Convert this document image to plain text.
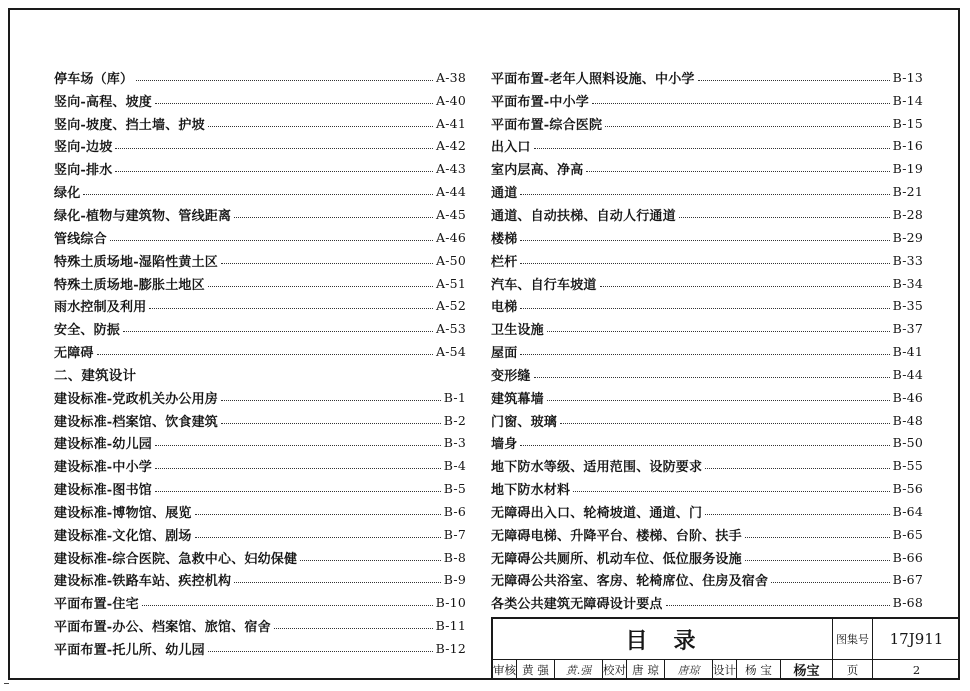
停车场（库）	A-38
竖向-高程、坡度	A-40
竖向-坡度、挡土墙、护坡	A-41
竖向-边坡	A-42
竖向-排水	A-43
绿化	A-44
绿化-植物与建筑物、管线距离	A-45
管线综合	A-46
特殊土质场地-湿陷性黄土区	A-50
特殊土质场地-膨胀土地区	A-51
雨水控制及利用	A-52
安全、防振	A-53
无障碍	A-54
二、建筑设计
建设标准-党政机关办公用房	B-1
建设标准-档案馆、饮食建筑	B-2
建设标准-幼儿园	B-3
建设标准-中小学	B-4
建设标准-图书馆	B-5
建设标准-博物馆、展览	B-6
建设标准-文化馆、剧场	B-7
建设标准-综合医院、急救中心、妇幼保健	B-8
建设标准-铁路车站、疾控机构	B-9
平面布置-住宅	B-10
平面布置-办公、档案馆、旅馆、宿舍	B-11
平面布置-托儿所、幼儿园	B-12
平面布置-老年人照料设施、中小学	B-13
平面布置-中小学	B-14
平面布置-综合医院	B-15
出入口	B-16
室内层高、净高	B-19
通道	B-21
通道、自动扶梯、自动人行通道	B-28
楼梯	B-29
栏杆	B-33
汽车、自行车坡道	B-34
电梯	B-35
卫生设施	B-37
屋面	B-41
变形缝	B-44
建筑幕墙	B-46
门窗、玻璃	B-48
墙身	B-50
地下防水等级、适用范围、设防要求	B-55
地下防水材料	B-56
无障碍出入口、轮椅坡道、通道、门	B-64
无障碍电梯、升降平台、楼梯、台阶、扶手	B-65
无障碍公共厕所、机动车位、低位服务设施	B-66
无障碍公共浴室、客房、轮椅席位、住房及宿舍	B-67
各类公共建筑无障碍设计要点	B-68
目录	图集号	17J911
审核 黄 强	黄.强	校对 唐 琼	唐琼	设计 杨 宝	杨宝	页	2
